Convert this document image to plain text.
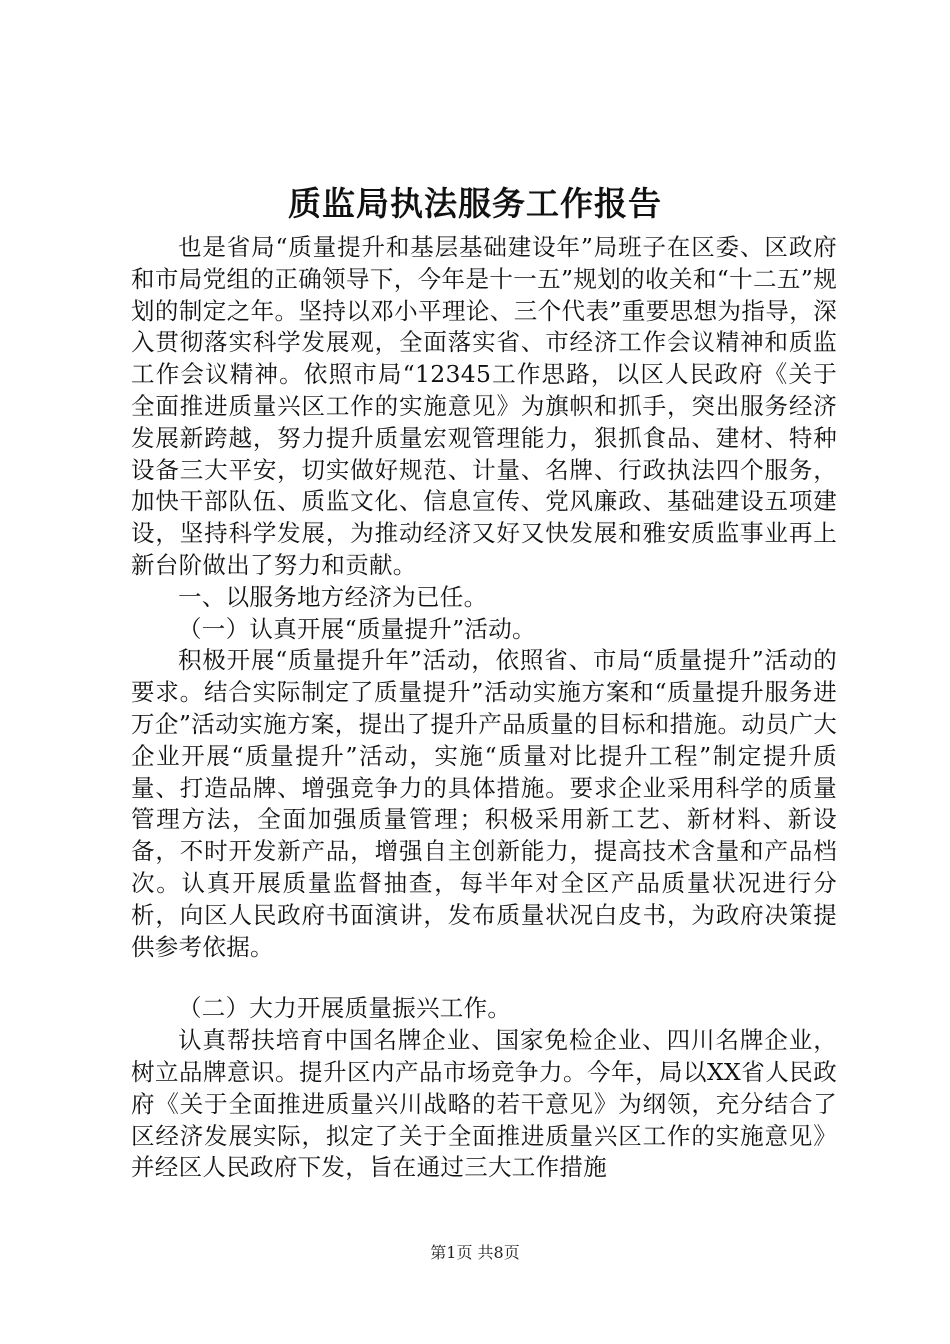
质监局执法服务工作报告

也是省局“质量提升和基层基础建设年”局班子在区委、区政府和市局党组的正确领导下，今年是十一五”规划的收关和“十二五”规划的制定之年。坚持以邓小平理论、三个代表”重要思想为指导，深入贯彻落实科学发展观，全面落实省、市经济工作会议精神和质监工作会议精神。依照市局“12345工作思路，以区人民政府《关于全面推进质量兴区工作的实施意见》为旗帜和抓手，突出服务经济发展新跨越，努力提升质量宏观管理能力，狠抓食品、建材、特种设备三大平安，切实做好规范、计量、名牌、行政执法四个服务，加快干部队伍、质监文化、信息宣传、党风廉政、基础建设五项建设，坚持科学发展，为推动经济又好又快发展和雅安质监事业再上新台阶做出了努力和贡献。

一、以服务地方经济为已任。

（一）认真开展“质量提升”活动。

积极开展“质量提升年”活动，依照省、市局“质量提升”活动的要求。结合实际制定了质量提升”活动实施方案和“质量提升服务进万企”活动实施方案，提出了提升产品质量的目标和措施。动员广大企业开展“质量提升”活动，实施“质量对比提升工程”制定提升质量、打造品牌、增强竞争力的具体措施。要求企业采用科学的质量管理方法，全面加强质量管理；积极采用新工艺、新材料、新设备，不时开发新产品，增强自主创新能力，提高技术含量和产品档次。认真开展质量监督抽查，每半年对全区产品质量状况进行分析，向区人民政府书面演讲，发布质量状况白皮书，为政府决策提供参考依据。

（二）大力开展质量振兴工作。

认真帮扶培育中国名牌企业、国家免检企业、四川名牌企业，树立品牌意识。提升区内产品市场竞争力。今年，局以XX省人民政府《关于全面推进质量兴川战略的若干意见》为纲领，充分结合了区经济发展实际，拟定了关于全面推进质量兴区工作的实施意见》并经区人民政府下发，旨在通过三大工作措施

第1页 共8页
